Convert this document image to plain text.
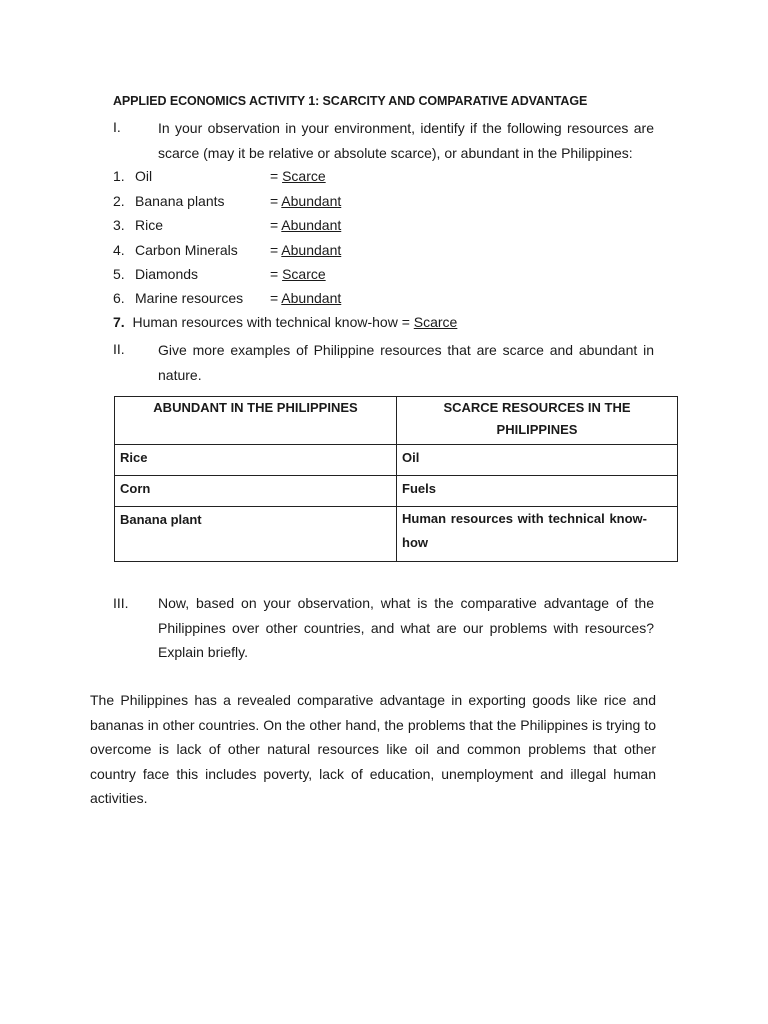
APPLIED ECONOMICS ACTIVITY 1: SCARCITY AND COMPARATIVE ADVANTAGE
I.	In your observation in your environment, identify if the following resources are scarce (may it be relative or absolute scarce), or abundant in the Philippines:
1. Oil	= Scarce
2. Banana plants	= Abundant
3. Rice	= Abundant
4. Carbon Minerals = Abundant
5. Diamonds	= Scarce
6. Marine resources = Abundant
7. Human resources with technical know-how = Scarce
II. Give more examples of Philippine resources that are scarce and abundant in nature.
ABUNDANT IN THE PHILIPPINES	SCARCE RESOURCES IN THE PHILIPPINES
Rice	Oil
Corn	Fuels
Banana plant	Human resources with technical know-how
III. Now, based on your observation, what is the comparative advantage of the Philippines over other countries, and what are our problems with resources? Explain briefly.
The Philippines has a revealed comparative advantage in exporting goods like rice and bananas in other countries. On the other hand, the problems that the Philippines is trying to overcome is lack of other natural resources like oil and common problems that other country face this includes poverty, lack of education, unemployment and illegal human activities.
